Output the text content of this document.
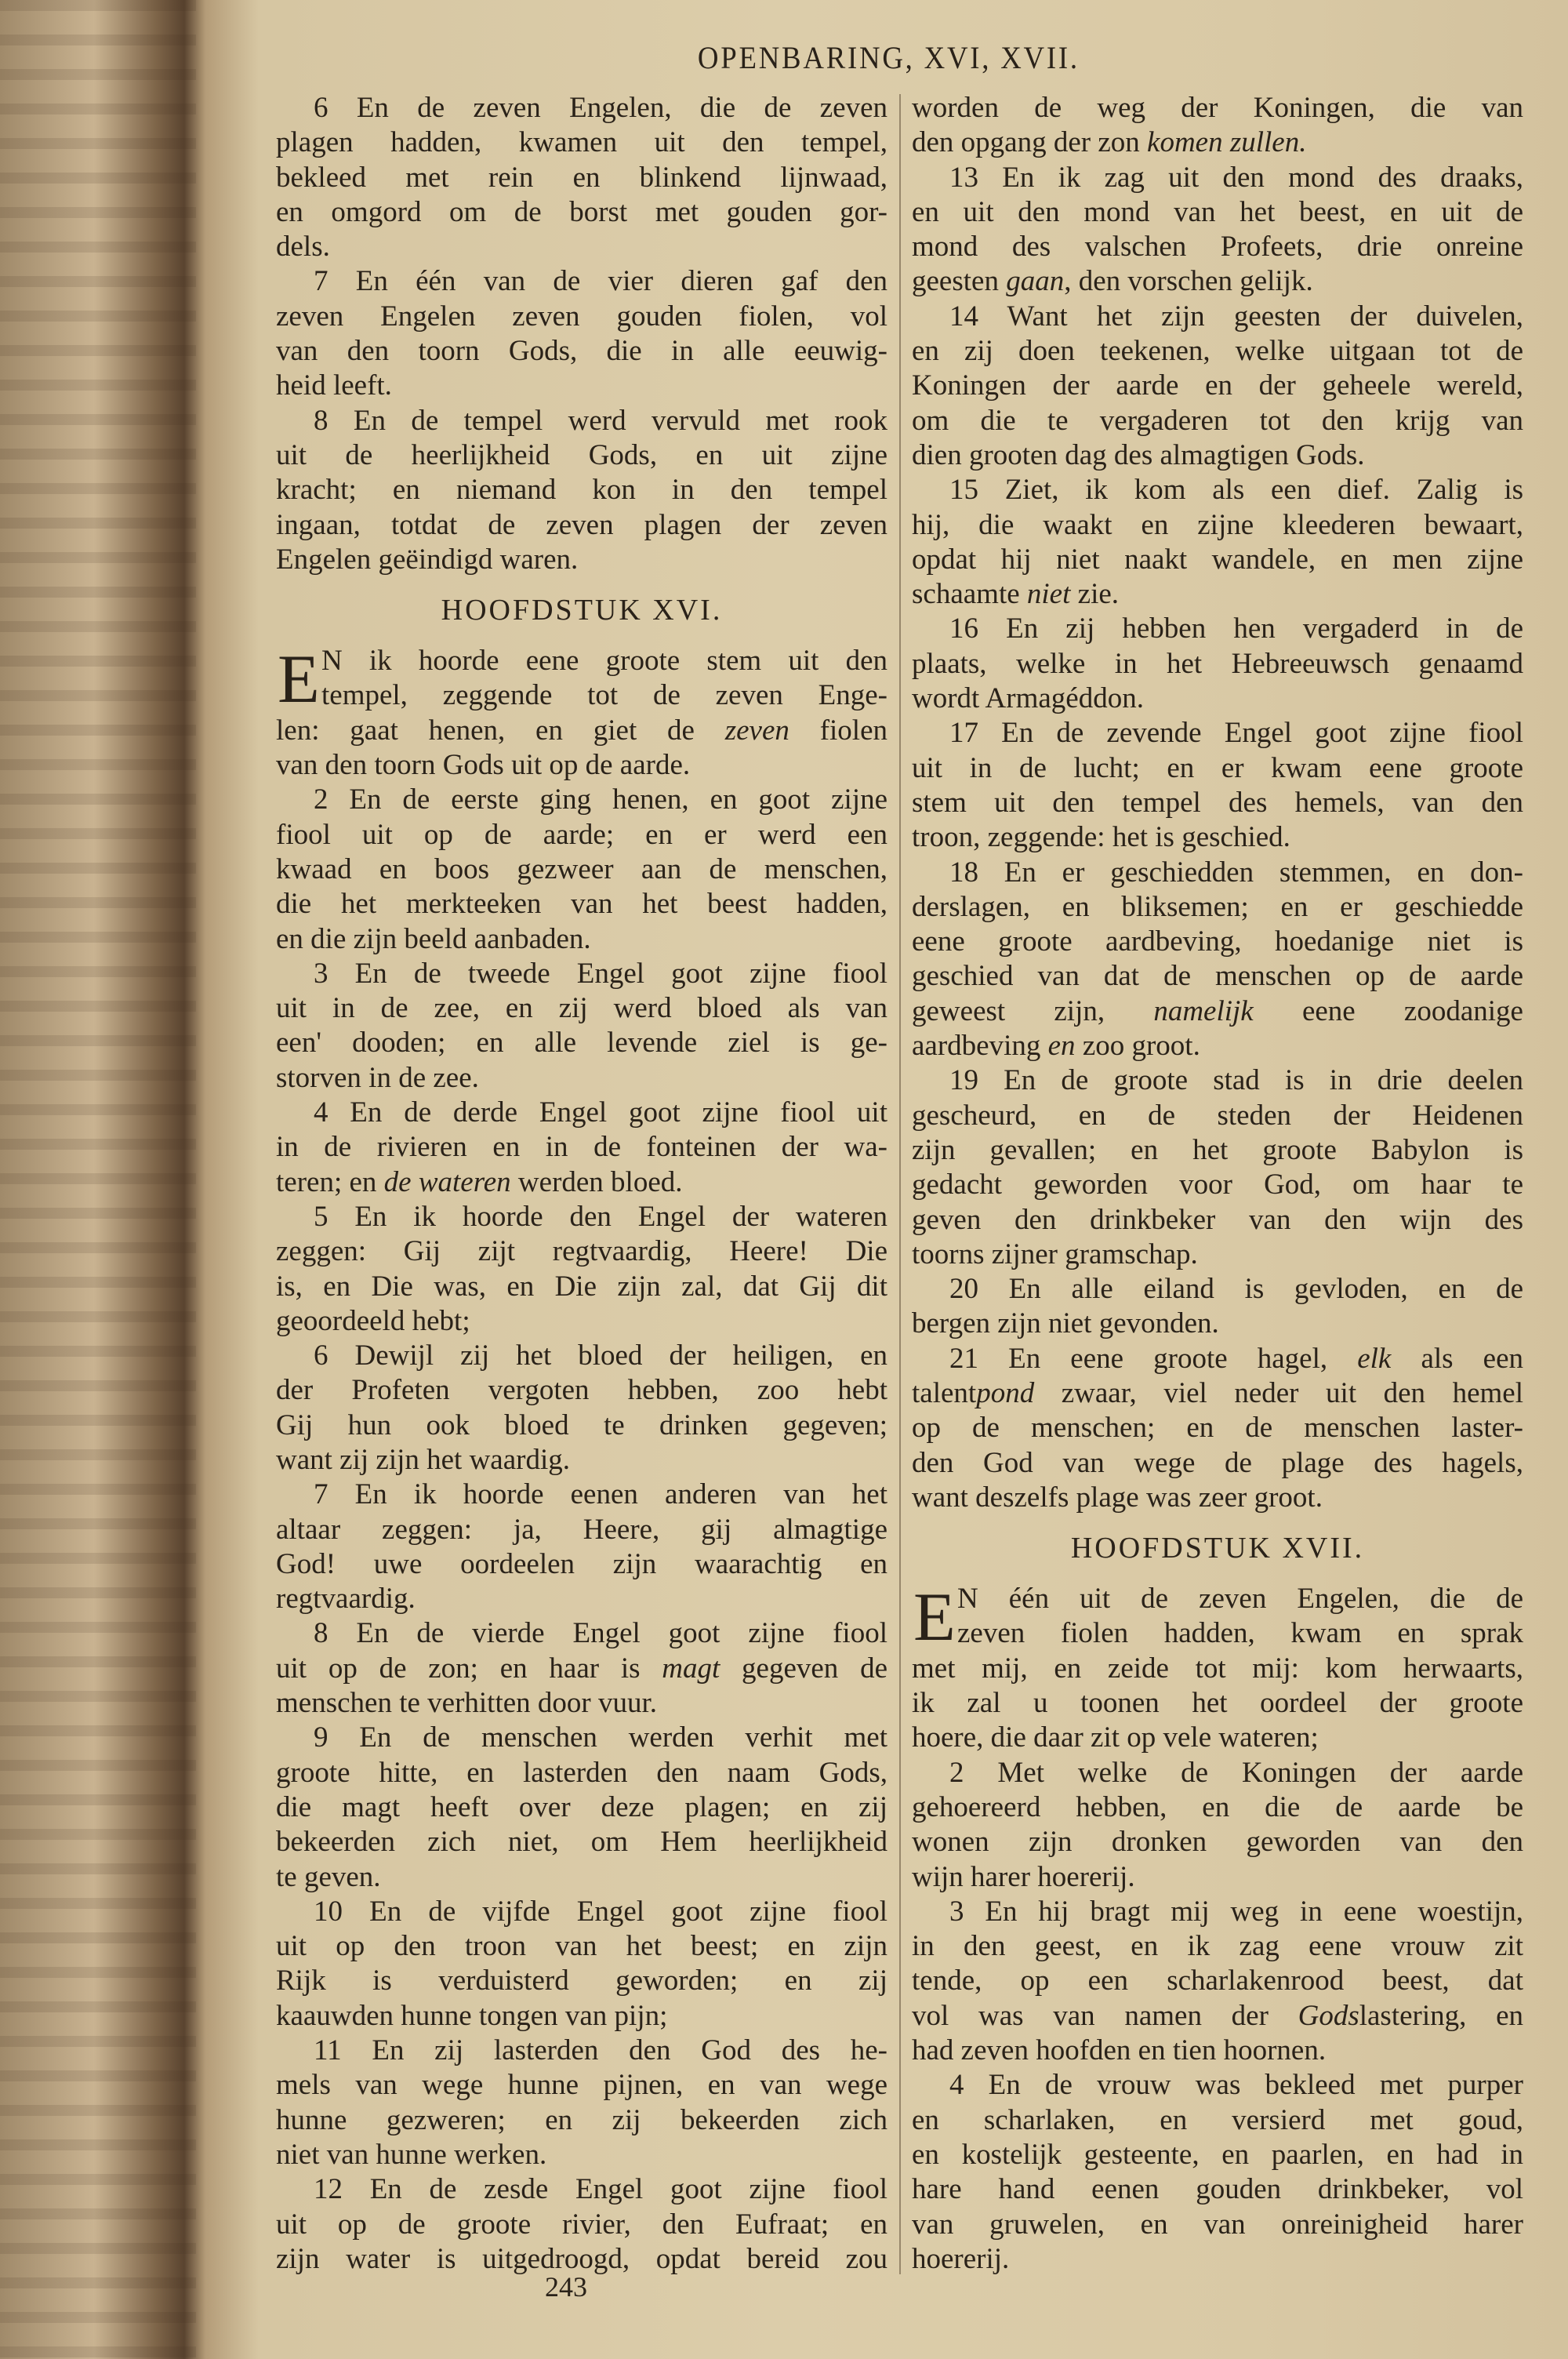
OPENBARING, XVI, XVII.
6 En de zeven Engelen, die de zeven
plagen hadden, kwamen uit den tempel,
bekleed met rein en blinkend lijnwaad,
en omgord om de borst met gouden gor-
dels.
7 En één van de vier dieren gaf den
zeven Engelen zeven gouden fiolen, vol
van den toorn Gods, die in alle eeuwig-
heid leeft.
8 En de tempel werd vervuld met rook
uit de heerlijkheid Gods, en uit zijne
kracht; en niemand kon in den tempel
ingaan, totdat de zeven plagen der zeven
Engelen geëindigd waren.
HOOFDSTUK XVI.
E N ik hoorde eene groote stem uit den
tempel, zeggende tot de zeven Enge-
len: gaat henen, en giet de zeven fiolen
van den toorn Gods uit op de aarde.
2 En de eerste ging henen, en goot zijne
fiool uit op de aarde; en er werd een
kwaad en boos gezweer aan de menschen,
die het merkteeken van het beest hadden,
en die zijn beeld aanbaden.
3 En de tweede Engel goot zijne fiool
uit in de zee, en zij werd bloed als van
een' dooden; en alle levende ziel is ge-
storven in de zee.
4 En de derde Engel goot zijne fiool uit
in de rivieren en in de fonteinen der wa-
teren; en de wateren werden bloed.
5 En ik hoorde den Engel der wateren
zeggen: Gij zijt regtvaardig, Heere! Die
is, en Die was, en Die zijn zal, dat Gij dit
geoordeeld hebt;
6 Dewijl zij het bloed der heiligen, en
der Profeten vergoten hebben, zoo hebt
Gij hun ook bloed te drinken gegeven;
want zij zijn het waardig.
7 En ik hoorde eenen anderen van het
altaar zeggen: ja, Heere, gij almagtige
God! uwe oordeelen zijn waarachtig en
regtvaardig.
8 En de vierde Engel goot zijne fiool
uit op de zon; en haar is magt gegeven de
menschen te verhitten door vuur.
9 En de menschen werden verhit met
groote hitte, en lasterden den naam Gods,
die magt heeft over deze plagen; en zij
bekeerden zich niet, om Hem heerlijkheid
te geven.
10 En de vijfde Engel goot zijne fiool
uit op den troon van het beest; en zijn
Rijk is verduisterd geworden; en zij
kaauwden hunne tongen van pijn;
11 En zij lasterden den God des he-
mels van wege hunne pijnen, en van wege
hunne gezweren; en zij bekeerden zich
niet van hunne werken.
12 En de zesde Engel goot zijne fiool
uit op de groote rivier, den Eufraat; en
zijn water is uitgedroogd, opdat bereid zou
worden de weg der Koningen, die van
den opgang der zon komen zullen.
13 En ik zag uit den mond des draaks,
en uit den mond van het beest, en uit de
mond des valschen Profeets, drie onreine
geesten gaan, den vorschen gelijk.
14 Want het zijn geesten der duivelen,
en zij doen teekenen, welke uitgaan tot de
Koningen der aarde en der geheele wereld,
om die te vergaderen tot den krijg van
dien grooten dag des almagtigen Gods.
15 Ziet, ik kom als een dief. Zalig is
hij, die waakt en zijne kleederen bewaart,
opdat hij niet naakt wandele, en men zijne
schaamte niet zie.
16 En zij hebben hen vergaderd in de
plaats, welke in het Hebreeuwsch genaamd
wordt Armagéddon.
17 En de zevende Engel goot zijne fiool
uit in de lucht; en er kwam eene groote
stem uit den tempel des hemels, van den
troon, zeggende: het is geschied.
18 En er geschiedden stemmen, en don-
derslagen, en bliksemen; en er geschiedde
eene groote aardbeving, hoedanige niet is
geschied van dat de menschen op de aarde
geweest zijn, namelijk eene zoodanige
aardbeving en zoo groot.
19 En de groote stad is in drie deelen
gescheurd, en de steden der Heidenen
zijn gevallen; en het groote Babylon is
gedacht geworden voor God, om haar te
geven den drinkbeker van den wijn des
toorns zijner gramschap.
20 En alle eiland is gevloden, en de
bergen zijn niet gevonden.
21 En eene groote hagel, elk als een
talentpond zwaar, viel neder uit den hemel
op de menschen; en de menschen laster-
den God van wege de plage des hagels,
want deszelfs plage was zeer groot.
HOOFDSTUK XVII.
E N één uit de zeven Engelen, die de
zeven fiolen hadden, kwam en sprak
met mij, en zeide tot mij: kom herwaarts,
ik zal u toonen het oordeel der groote
hoere, die daar zit op vele wateren;
2 Met welke de Koningen der aarde
gehoereerd hebben, en die de aarde be
wonen zijn dronken geworden van den
wijn harer hoererij.
3 En hij bragt mij weg in eene woestijn,
in den geest, en ik zag eene vrouw zit
tende, op een scharlakenrood beest, dat
vol was van namen der Godslastering, en
had zeven hoofden en tien hoornen.
4 En de vrouw was bekleed met purper
en scharlaken, en versierd met goud,
en kostelijk gesteente, en paarlen, en had in
hare hand eenen gouden drinkbeker, vol
van gruwelen, en van onreinigheid harer
hoererij.
243
